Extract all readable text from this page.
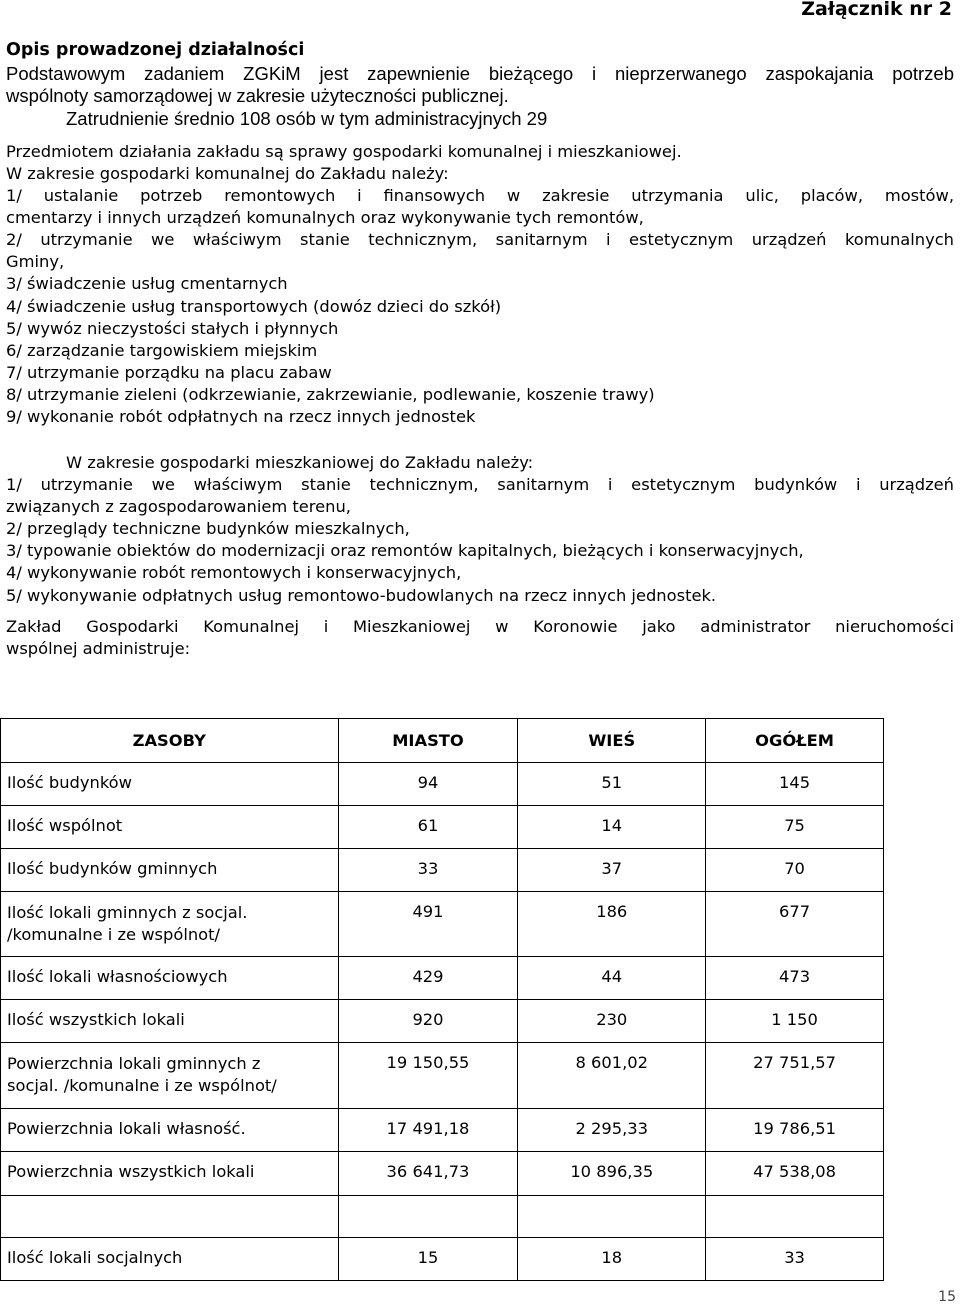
Załącznik nr 2
Opis prowadzonej działalności
Podstawowym zadaniem ZGKiM jest zapewnienie bieżącego i nieprzerwanego zaspokajania potrzeb
wspólnoty samorządowej w zakresie użyteczności publicznej.
Zatrudnienie średnio 108 osób w tym administracyjnych 29
Przedmiotem działania zakładu są sprawy gospodarki komunalnej i mieszkaniowej.
W zakresie gospodarki komunalnej do Zakładu należy:
1/ ustalanie potrzeb remontowych i finansowych w zakresie utrzymania ulic, placów, mostów,
cmentarzy i innych urządzeń komunalnych oraz wykonywanie tych remontów,
2/ utrzymanie we właściwym stanie technicznym, sanitarnym i estetycznym urządzeń komunalnych
Gminy,
3/ świadczenie usług cmentarnych
4/ świadczenie usług transportowych (dowóz dzieci do szkół)
5/ wywóz nieczystości stałych i płynnych
6/ zarządzanie targowiskiem miejskim
7/ utrzymanie porządku na placu zabaw
8/ utrzymanie zieleni (odkrzewianie, zakrzewianie, podlewanie, koszenie trawy)
9/ wykonanie robót odpłatnych na rzecz innych jednostek
W zakresie gospodarki mieszkaniowej do Zakładu należy:
1/ utrzymanie we właściwym stanie technicznym, sanitarnym i estetycznym budynków i urządzeń
związanych z zagospodarowaniem terenu,
2/ przeglądy techniczne budynków mieszkalnych,
3/ typowanie obiektów do modernizacji oraz remontów kapitalnych, bieżących i konserwacyjnych,
4/ wykonywanie robót remontowych i konserwacyjnych,
5/ wykonywanie odpłatnych usług remontowo-budowlanych na rzecz innych jednostek.
Zakład Gospodarki Komunalnej i Mieszkaniowej w Koronowie jako administrator nieruchomości
wspólnej administruje:
ZASOBY	MIASTO	WIEŚ	OGÓŁEM
Ilość budynków	94	51	145
Ilość wspólnot	61	14	75
Ilość budynków gminnych	33	37	70
Ilość lokali gminnych z socjal.
/komunalne i ze wspólnot/	491	186	677
Ilość lokali własnościowych	429	44	473
Ilość wszystkich lokali	920	230	1 150
Powierzchnia lokali gminnych z
socjal. /komunalne i ze wspólnot/	19 150,55	8 601,02	27 751,57
Powierzchnia lokali własność.	17 491,18	2 295,33	19 786,51
Powierzchnia wszystkich lokali	36 641,73	10 896,35	47 538,08

Ilość lokali socjalnych	15	18	33
15
